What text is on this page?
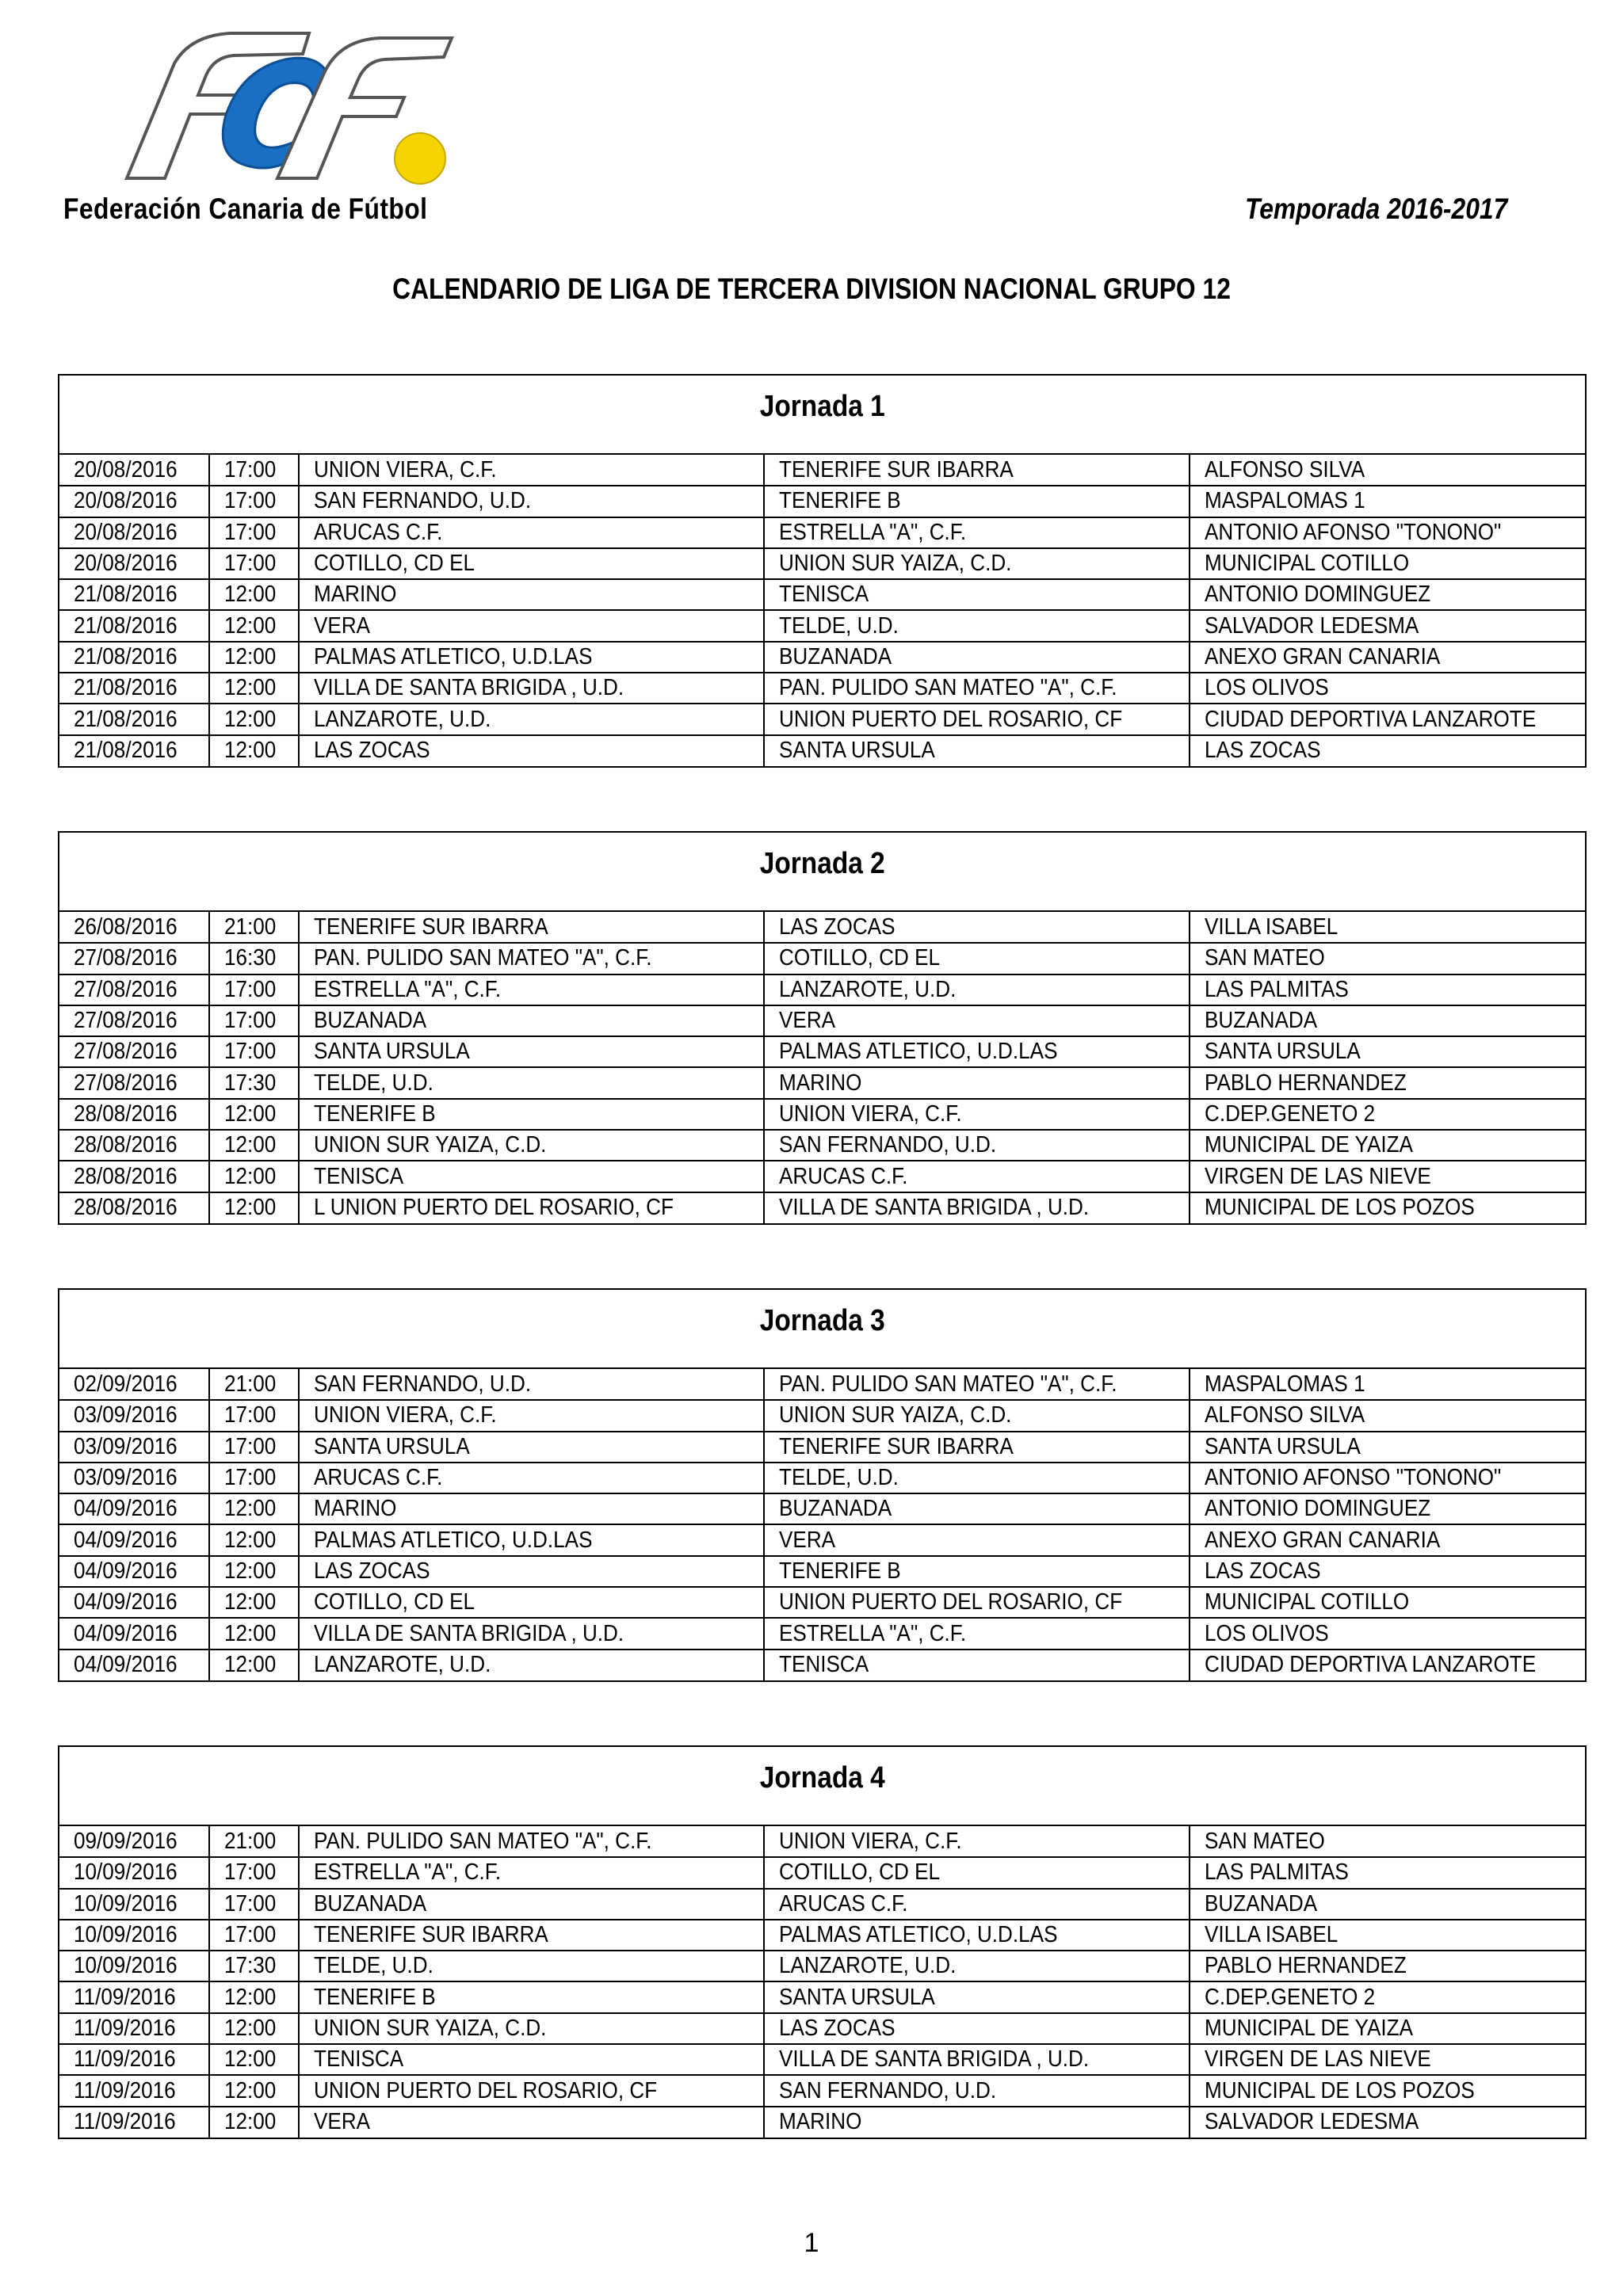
FCF
Federación Canaria de Fútbol	Temporada 2016-2017
CALENDARIO DE LIGA DE TERCERA DIVISION NACIONAL GRUPO 12
Jornada 1
20/08/2016	17:00	UNION VIERA, C.F.	TENERIFE SUR IBARRA	ALFONSO SILVA
20/08/2016	17:00	SAN FERNANDO, U.D.	TENERIFE B	MASPALOMAS 1
20/08/2016	17:00	ARUCAS C.F.	ESTRELLA "A", C.F.	ANTONIO AFONSO "TONONO"
20/08/2016	17:00	COTILLO, CD EL	UNION SUR YAIZA, C.D.	MUNICIPAL COTILLO
21/08/2016	12:00	MARINO	TENISCA	ANTONIO DOMINGUEZ
21/08/2016	12:00	VERA	TELDE, U.D.	SALVADOR LEDESMA
21/08/2016	12:00	PALMAS ATLETICO, U.D.LAS	BUZANADA	ANEXO GRAN CANARIA
21/08/2016	12:00	VILLA DE SANTA BRIGIDA , U.D.	PAN. PULIDO SAN MATEO "A", C.F.	LOS OLIVOS
21/08/2016	12:00	LANZAROTE, U.D.	UNION PUERTO DEL ROSARIO, CF	CIUDAD DEPORTIVA LANZAROTE
21/08/2016	12:00	LAS ZOCAS	SANTA URSULA	LAS ZOCAS
Jornada 2
26/08/2016	21:00	TENERIFE SUR IBARRA	LAS ZOCAS	VILLA ISABEL
27/08/2016	16:30	PAN. PULIDO SAN MATEO "A", C.F.	COTILLO, CD EL	SAN MATEO
27/08/2016	17:00	ESTRELLA "A", C.F.	LANZAROTE, U.D.	LAS PALMITAS
27/08/2016	17:00	BUZANADA	VERA	BUZANADA
27/08/2016	17:00	SANTA URSULA	PALMAS ATLETICO, U.D.LAS	SANTA URSULA
27/08/2016	17:30	TELDE, U.D.	MARINO	PABLO HERNANDEZ
28/08/2016	12:00	TENERIFE B	UNION VIERA, C.F.	C.DEP.GENETO 2
28/08/2016	12:00	UNION SUR YAIZA, C.D.	SAN FERNANDO, U.D.	MUNICIPAL DE YAIZA
28/08/2016	12:00	TENISCA	ARUCAS C.F.	VIRGEN DE LAS NIEVE
28/08/2016	12:00	L UNION PUERTO DEL ROSARIO, CF	VILLA DE SANTA BRIGIDA , U.D.	MUNICIPAL DE LOS POZOS
Jornada 3
02/09/2016	21:00	SAN FERNANDO, U.D.	PAN. PULIDO SAN MATEO "A", C.F.	MASPALOMAS 1
03/09/2016	17:00	UNION VIERA, C.F.	UNION SUR YAIZA, C.D.	ALFONSO SILVA
03/09/2016	17:00	SANTA URSULA	TENERIFE SUR IBARRA	SANTA URSULA
03/09/2016	17:00	ARUCAS C.F.	TELDE, U.D.	ANTONIO AFONSO "TONONO"
04/09/2016	12:00	MARINO	BUZANADA	ANTONIO DOMINGUEZ
04/09/2016	12:00	PALMAS ATLETICO, U.D.LAS	VERA	ANEXO GRAN CANARIA
04/09/2016	12:00	LAS ZOCAS	TENERIFE B	LAS ZOCAS
04/09/2016	12:00	COTILLO, CD EL	UNION PUERTO DEL ROSARIO, CF	MUNICIPAL COTILLO
04/09/2016	12:00	VILLA DE SANTA BRIGIDA , U.D.	ESTRELLA "A", C.F.	LOS OLIVOS
04/09/2016	12:00	LANZAROTE, U.D.	TENISCA	CIUDAD DEPORTIVA LANZAROTE
Jornada 4
09/09/2016	21:00	PAN. PULIDO SAN MATEO "A", C.F.	UNION VIERA, C.F.	SAN MATEO
10/09/2016	17:00	ESTRELLA "A", C.F.	COTILLO, CD EL	LAS PALMITAS
10/09/2016	17:00	BUZANADA	ARUCAS C.F.	BUZANADA
10/09/2016	17:00	TENERIFE SUR IBARRA	PALMAS ATLETICO, U.D.LAS	VILLA ISABEL
10/09/2016	17:30	TELDE, U.D.	LANZAROTE, U.D.	PABLO HERNANDEZ
11/09/2016	12:00	TENERIFE B	SANTA URSULA	C.DEP.GENETO 2
11/09/2016	12:00	UNION SUR YAIZA, C.D.	LAS ZOCAS	MUNICIPAL DE YAIZA
11/09/2016	12:00	TENISCA	VILLA DE SANTA BRIGIDA , U.D.	VIRGEN DE LAS NIEVE
11/09/2016	12:00	UNION PUERTO DEL ROSARIO, CF	SAN FERNANDO, U.D.	MUNICIPAL DE LOS POZOS
11/09/2016	12:00	VERA	MARINO	SALVADOR LEDESMA
1
